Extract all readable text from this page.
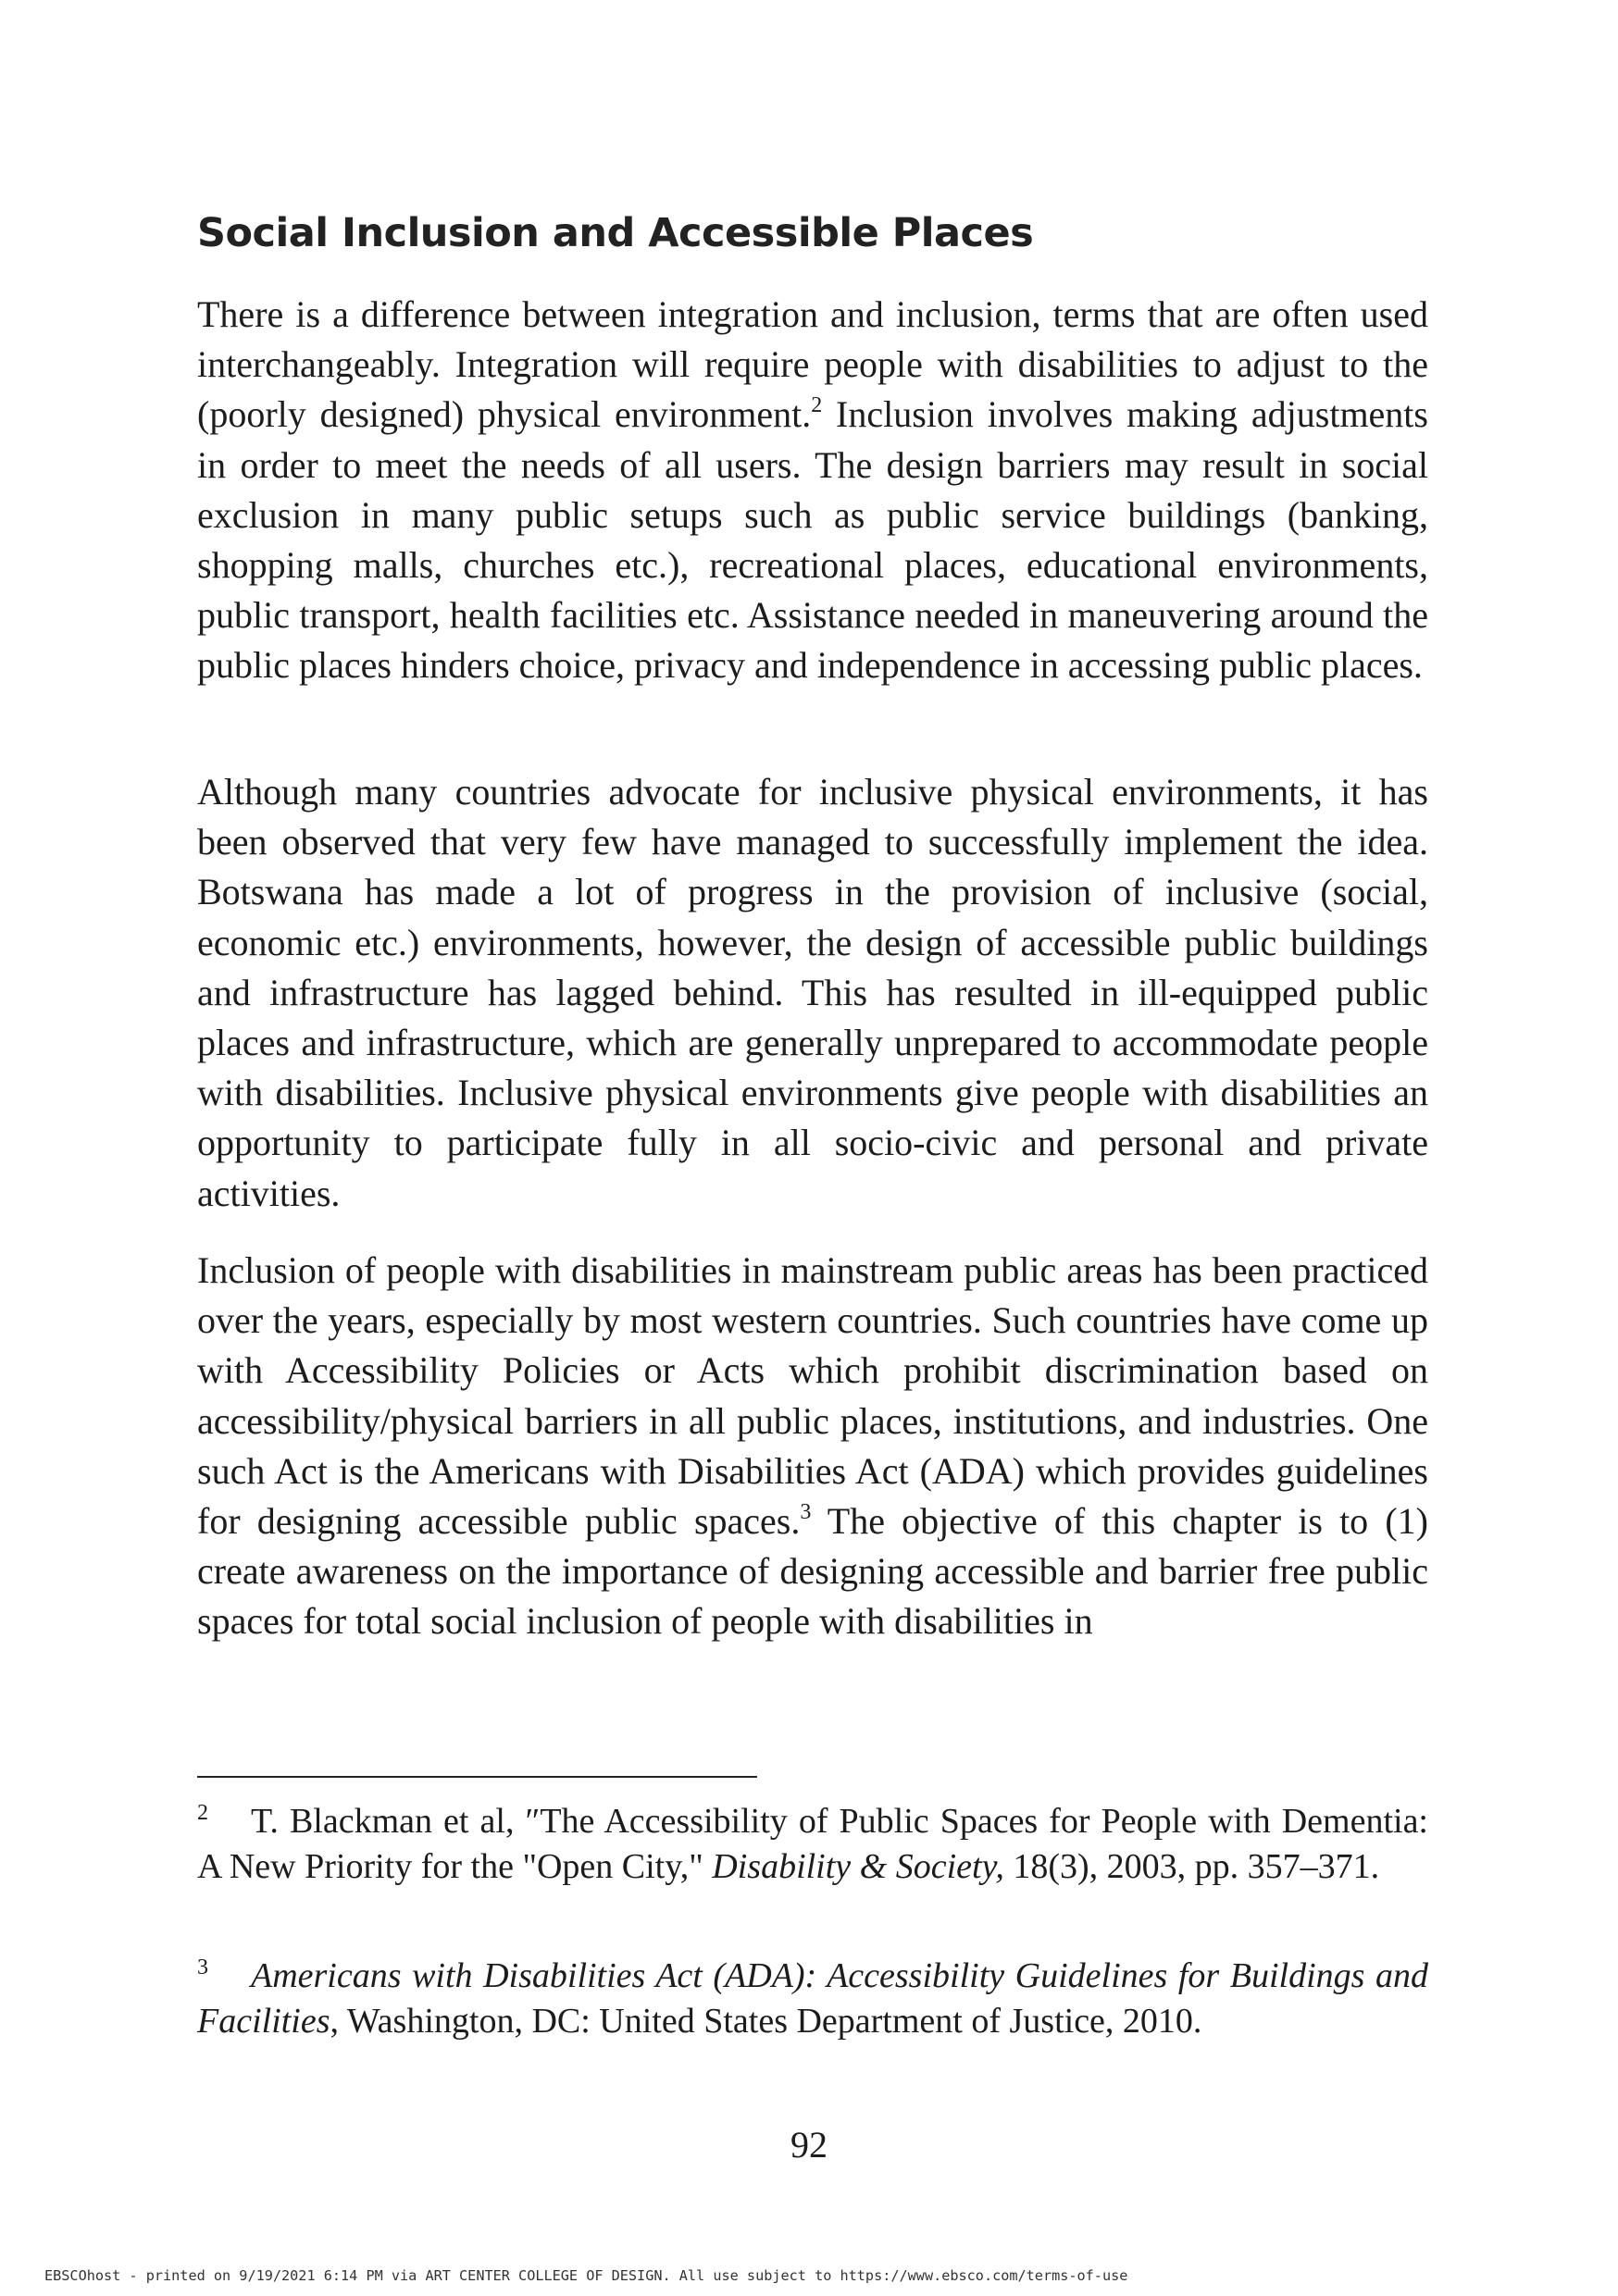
Social Inclusion and Accessible Places

There is a difference between integration and inclusion, terms that are often used interchangeably. Integration will require people with disabilities to adjust to the (poorly designed) physical environment.$^2$ Inclusion involves making adjustments in order to meet the needs of all users. The design barriers may result in social exclusion in many public setups such as public service buildings (banking, shopping malls, churches etc.), recreational places, educational environments, public transport, health facilities etc. Assistance needed in maneuvering around the public places hinders choice, privacy and independence in accessing public places.

Although many countries advocate for inclusive physical environments, it has been observed that very few have managed to successfully implement the idea. Botswana has made a lot of progress in the provision of inclusive (social, economic etc.) environments, however, the design of accessible public buildings and infrastructure has lagged behind. This has resulted in ill-equipped public places and infrastructure, which are generally unprepared to accommodate people with disabilities. Inclusive physical environments give people with disabilities an opportunity to participate fully in all socio-civic and personal and private activities.

Inclusion of people with disabilities in mainstream public areas has been practiced over the years, especially by most western countries. Such countries have come up with Accessibility Policies or Acts which prohibit discrimination based on accessibility/physical barriers in all public places, institutions, and industries. One such Act is the Americans with Disabilities Act (ADA) which provides guidelines for designing accessible public spaces.$^3$ The objective of this chapter is to (1) create awareness on the importance of designing accessible and barrier free public spaces for total social inclusion of people with disabilities in

2 T. Blackman et al, ″The Accessibility of Public Spaces for People with Dementia: A New Priority for the "Open City," Disability & Society, 18(3), 2003, pp. 357–371.

3 Americans with Disabilities Act (ADA): Accessibility Guidelines for Buildings and Facilities, Washington, DC: United States Department of Justice, 2010.

92
EBSCOhost - printed on 9/19/2021 6:14 PM via ART CENTER COLLEGE OF DESIGN. All use subject to https://www.ebsco.com/terms-of-use
